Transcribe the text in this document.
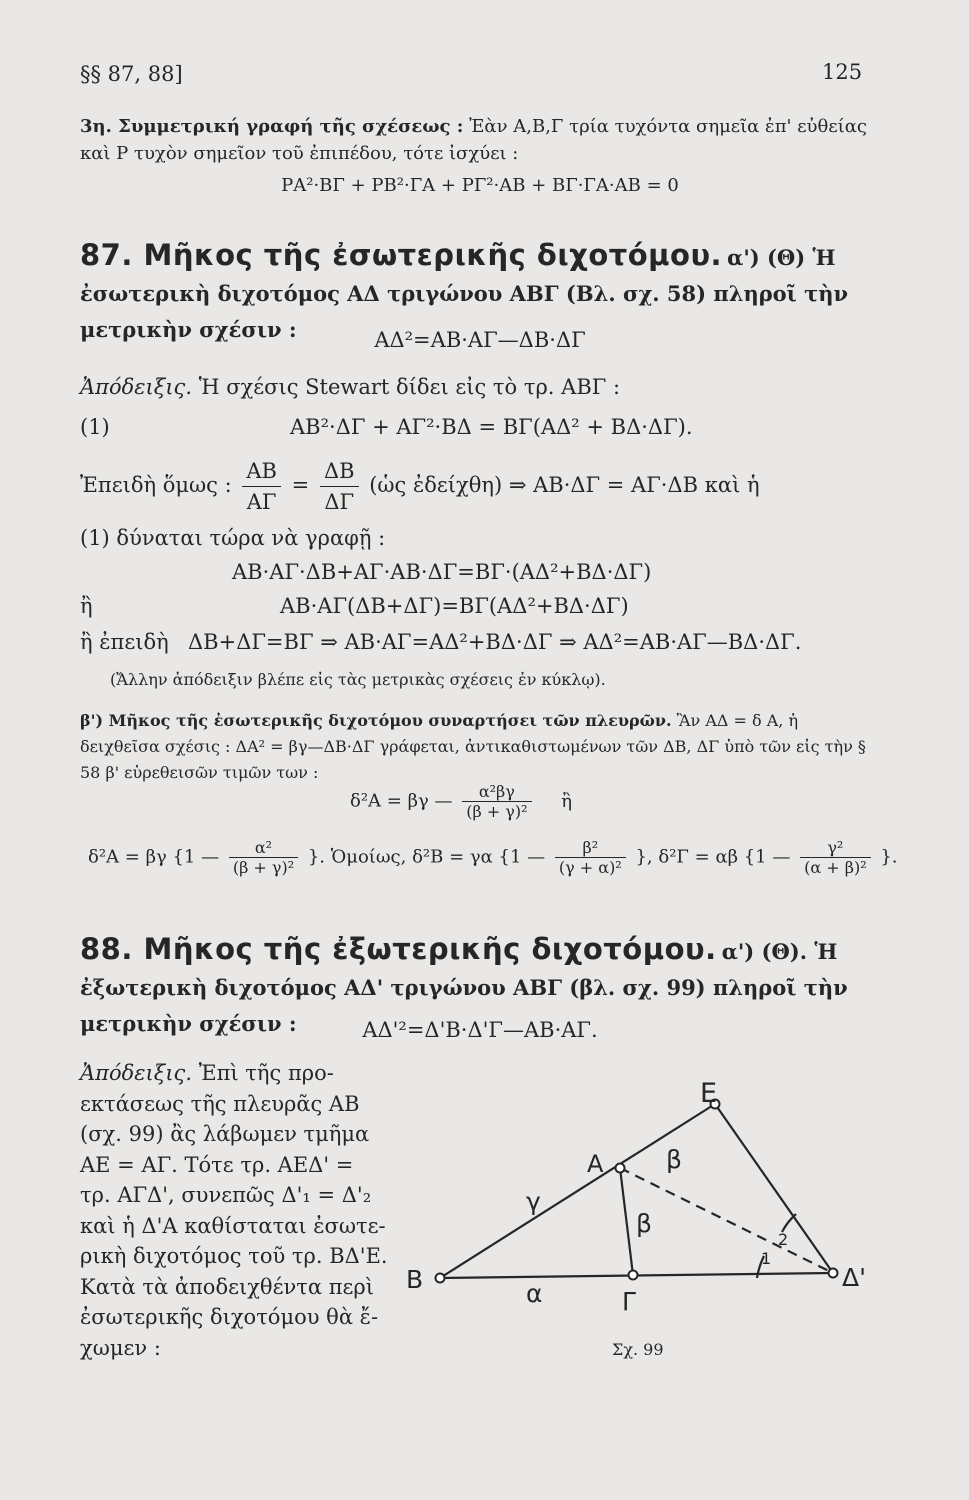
§§ 87, 88]	125
3η. Συμμετρική γραφή τῆς σχέσεως : Ἐὰν Α,Β,Γ τρία τυχόντα σημεῖα ἐπ' εὐθείας καὶ Ρ τυχὸν σημεῖον τοῦ ἐπιπέδου, τότε ἰσχύει :
ΡΑ²·ΒΓ + ΡΒ²·ΓΑ + ΡΓ²·ΑΒ + ΒΓ·ΓΑ·ΑΒ = 0
87. Μῆκος τῆς ἐσωτερικῆς διχοτόμου. α') (Θ) Ἡ ἐσωτερικὴ διχοτόμος ΑΔ τριγώνου ΑΒΓ (Βλ. σχ. 58) πληροῖ τὴν μετρικὴν σχέσιν :	ΑΔ²=ΑΒ·ΑΓ—ΔΒ·ΔΓ
Ἀπόδειξις. Ἡ σχέσις Stewart δίδει εἰς τὸ τρ. ΑΒΓ :
(1)	ΑΒ²·ΔΓ + ΑΓ²·ΒΔ = ΒΓ(ΑΔ² + ΒΔ·ΔΓ).
Ἐπειδὴ ὅμως : $\frac{AB}{A\Gamma} = \frac{\Delta B}{\Delta\Gamma}$ (ὡς ἐδείχθη) ⇒ ΑΒ·ΔΓ = ΑΓ·ΔΒ καὶ ἡ
(1) δύναται τώρα νὰ γραφῇ :
ΑΒ·ΑΓ·ΔΒ+ΑΓ·ΑΒ·ΔΓ=ΒΓ·(ΑΔ²+ΒΔ·ΔΓ)
ἢ	ΑΒ·ΑΓ(ΔΒ+ΔΓ)=ΒΓ(ΑΔ²+ΒΔ·ΔΓ)
ἢ ἐπειδὴ ΔΒ+ΔΓ=ΒΓ ⇒ ΑΒ·ΑΓ=ΑΔ²+ΒΔ·ΔΓ ⇒ ΑΔ²=ΑΒ·ΑΓ—ΒΔ·ΔΓ.
(Ἄλλην ἀπόδειξιν βλέπε εἰς τὰς μετρικὰς σχέσεις ἐν κύκλῳ).
β') Μῆκος τῆς ἐσωτερικῆς διχοτόμου συναρτήσει τῶν πλευρῶν. Ἂν ΑΔ = δ Α, ἡ δειχθεῖσα σχέσις : ΔΑ² = βγ—ΔΒ·ΔΓ γράφεται, ἀντικαθιστωμένων τῶν ΔΒ, ΔΓ ὑπὸ τῶν εἰς τὴν § 58 β' εὑρεθεισῶν τιμῶν των :
δ²Α = βγ — $\frac{\text{α²βγ}}{\text{(β + γ)²}}$ ἢ
δ²Α = βγ {1 — $\frac{\text{α²}}{\text{(β + γ)²}}$ }. Ὁμοίως, δ²Β = γα {1 — $\frac{\text{β²}}{\text{(γ + α)²}}$ }, δ²Γ = αβ {1 — $\frac{\text{γ²}}{\text{(α + β)²}}$ }.

88. Μῆκος τῆς ἐξωτερικῆς διχοτόμου. α') (Θ). Ἡ ἐξωτερικὴ διχοτόμος ΑΔ' τριγώνου ΑΒΓ (βλ. σχ. 99) πληροῖ τὴν μετρικὴν σχέσιν :	ΑΔ'²=Δ'Β·Δ'Γ—ΑΒ·ΑΓ.
Ἀπόδειξις. Ἐπὶ τῆς προ-
εκτάσεως τῆς πλευρᾶς ΑΒ
(σχ. 99) ἂς λάβωμεν τμῆμα
ΑΕ = ΑΓ. Τότε τρ. ΑΕΔ' =
τρ. ΑΓΔ', συνεπῶς Δ'₁ = Δ'₂
καὶ ἡ Δ'Α καθίσταται ἐσωτε-
ρικὴ διχοτόμος τοῦ τρ. ΒΔ'Ε.
Κατὰ τὰ ἀποδειχθέντα περὶ
ἐσωτερικῆς διχοτόμου θὰ ἔ-
χωμεν :
Ε
Α
Β
Γ
Δ'
α
β
β
γ
1
2
Σχ. 99
